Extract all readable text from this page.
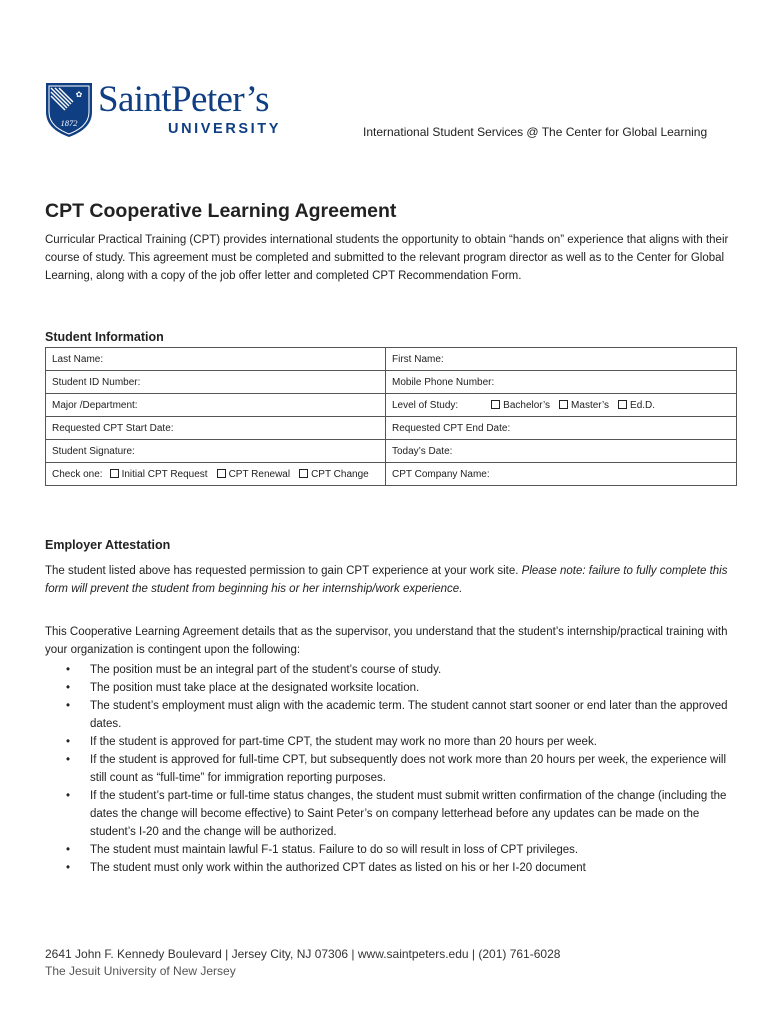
✿
1872
SaintPeter’s
UNIVERSITY	International Student Services @ The Center for Global Learning
CPT Cooperative Learning Agreement
Curricular Practical Training (CPT) provides international students the opportunity to obtain “hands on” experience that aligns with their course of study. This agreement must be completed and submitted to the relevant program director as well as to the Center for Global Learning, along with a copy of the job offer letter and completed CPT Recommendation Form.
Student Information
Last Name:	First Name:
Student ID Number:	Mobile Phone Number:
Major /Department:	Level of Study: Bachelor’s Master’s Ed.D.
Requested CPT Start Date:	Requested CPT End Date:
Student Signature:	Today’s Date:
Check one: Initial CPT Request CPT Renewal CPT Change	CPT Company Name:
Employer Attestation
The student listed above has requested permission to gain CPT experience at your work site. Please note: failure to fully complete this form will prevent the student from beginning his or her internship/work experience.
This Cooperative Learning Agreement details that as the supervisor, you understand that the student’s internship/practical training with your organization is contingent upon the following:
• The position must be an integral part of the student’s course of study.
• The position must take place at the designated worksite location.
• The student’s employment must align with the academic term. The student cannot start sooner or end later than the approved dates.
• If the student is approved for part-time CPT, the student may work no more than 20 hours per week.
• If the student is approved for full-time CPT, but subsequently does not work more than 20 hours per week, the experience will still count as “full-time” for immigration reporting purposes.
• If the student’s part-time or full-time status changes, the student must submit written confirmation of the change (including the dates the change will become effective) to Saint Peter’s on company letterhead before any updates can be made on the student’s I-20 and the change will be authorized.
• The student must maintain lawful F-1 status. Failure to do so will result in loss of CPT privileges.
• The student must only work within the authorized CPT dates as listed on his or her I-20 document
2641 John F. Kennedy Boulevard | Jersey City, NJ 07306 | www.saintpeters.edu | (201) 761-6028
The Jesuit University of New Jersey
